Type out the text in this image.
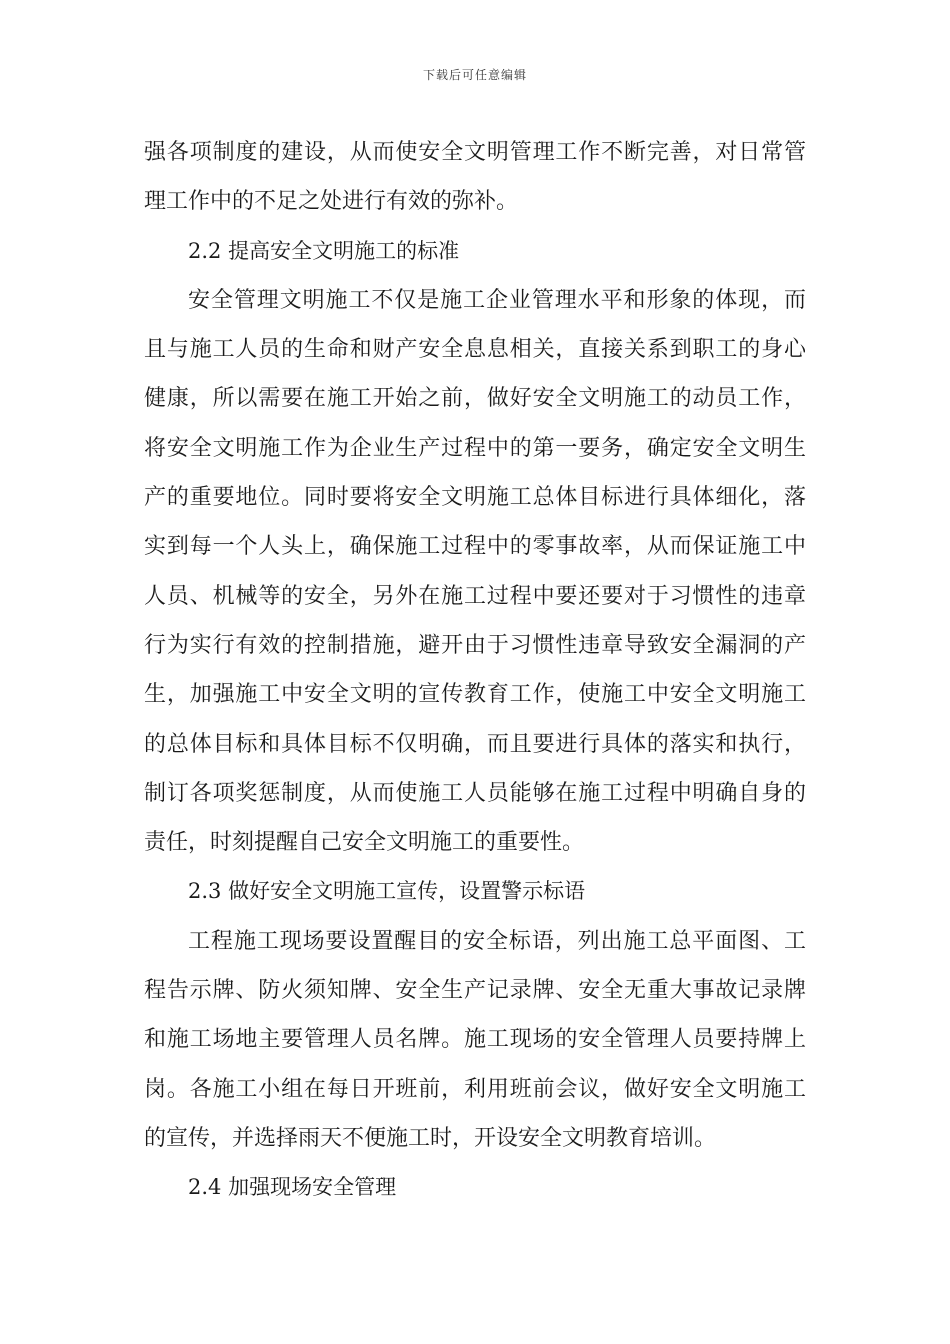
下载后可任意编辑
强各项制度的建设，从而使安全文明管理工作不断完善，对日常管
理工作中的不足之处进行有效的弥补。
2.2 提高安全文明施工的标准
安全管理文明施工不仅是施工企业管理水平和形象的体现，而
且与施工人员的生命和财产安全息息相关，直接关系到职工的身心
健康，所以需要在施工开始之前，做好安全文明施工的动员工作，
将安全文明施工作为企业生产过程中的第一要务，确定安全文明生
产的重要地位。同时要将安全文明施工总体目标进行具体细化，落
实到每一个人头上，确保施工过程中的零事故率，从而保证施工中
人员、机械等的安全，另外在施工过程中要还要对于习惯性的违章
行为实行有效的控制措施，避开由于习惯性违章导致安全漏洞的产
生，加强施工中安全文明的宣传教育工作，使施工中安全文明施工
的总体目标和具体目标不仅明确，而且要进行具体的落实和执行，
制订各项奖惩制度，从而使施工人员能够在施工过程中明确自身的
责任，时刻提醒自己安全文明施工的重要性。
2.3 做好安全文明施工宣传，设置警示标语
工程施工现场要设置醒目的安全标语，列出施工总平面图、工
程告示牌、防火须知牌、安全生产记录牌、安全无重大事故记录牌
和施工场地主要管理人员名牌。施工现场的安全管理人员要持牌上
岗。各施工小组在每日开班前，利用班前会议，做好安全文明施工
的宣传，并选择雨天不便施工时，开设安全文明教育培训。
2.4 加强现场安全管理
